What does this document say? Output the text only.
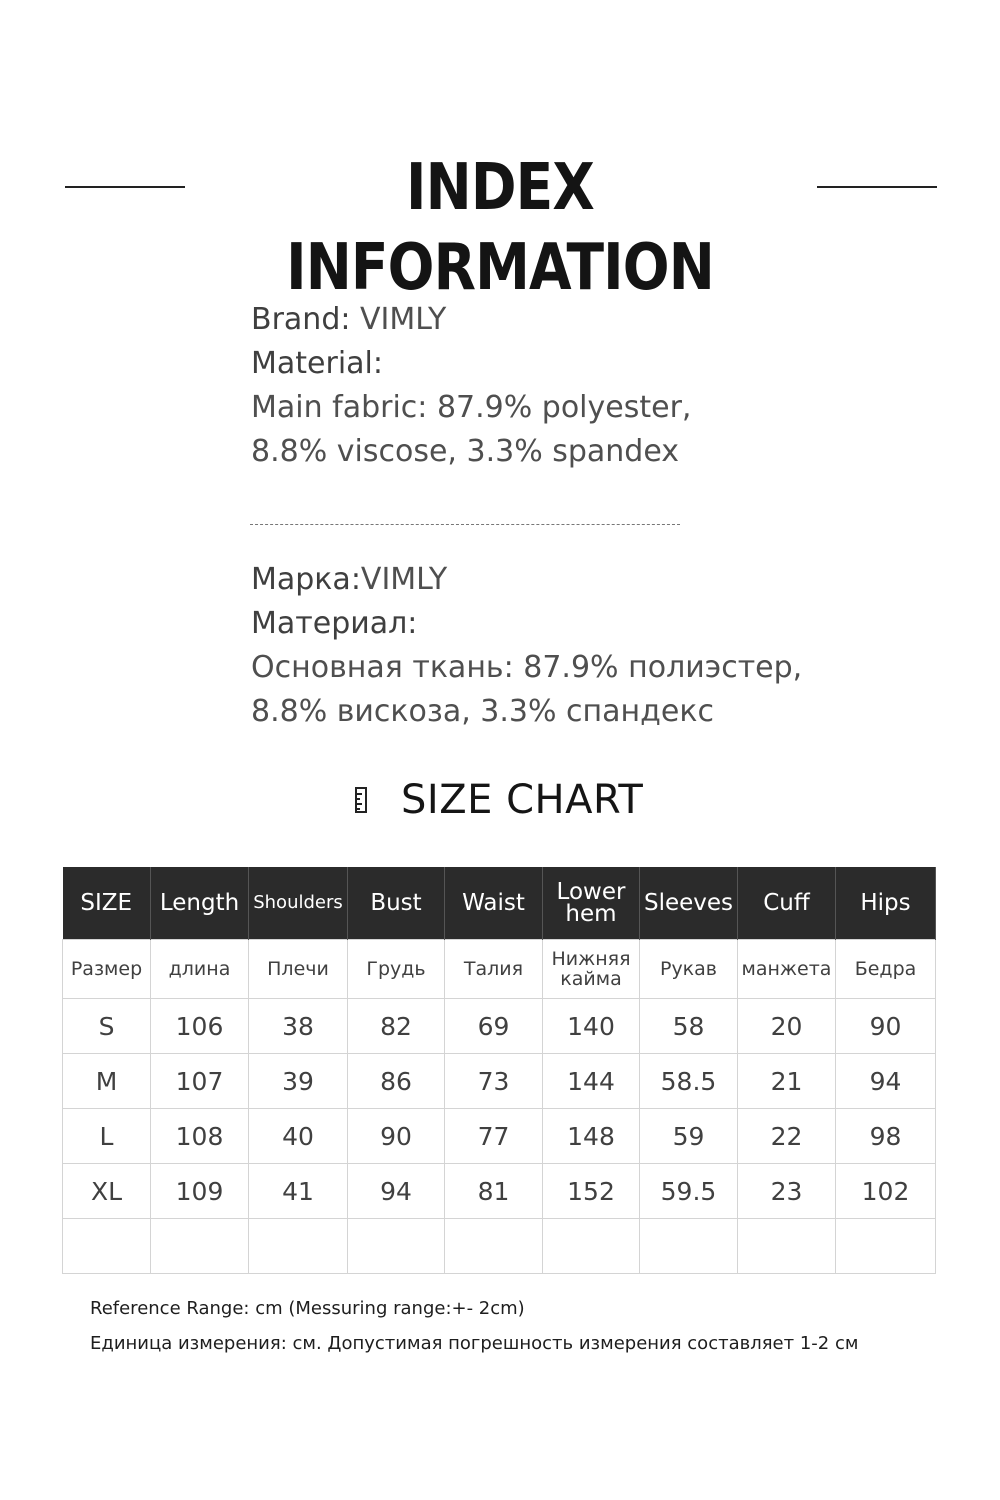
INDEX INFORMATION
Brand: VIMLY
Material:
Main fabric: 87.9% polyester,
8.8% viscose, 3.3% spandex
Марка:VIMLY
Материал:
Основная ткань: 87.9% полиэстер,
8.8% вискоза, 3.3% спандекс
SIZE CHART
SIZE	Length	Shoulders	Bust	Waist	Lower hem	Sleeves	Cuff	Hips
Размер	длина	Плечи	Грудь	Талия	Нижняя кайма	Рукав	манжета	Бедра
S	106	38	82	69	140	58	20	90
M	107	39	86	73	144	58.5	21	94
L	108	40	90	77	148	59	22	98
XL	109	41	94	81	152	59.5	23	102

Reference Range: cm (Messuring range:+- 2cm)
Единица измерения: см. Допустимая погрешность измерения составляет 1-2 см
